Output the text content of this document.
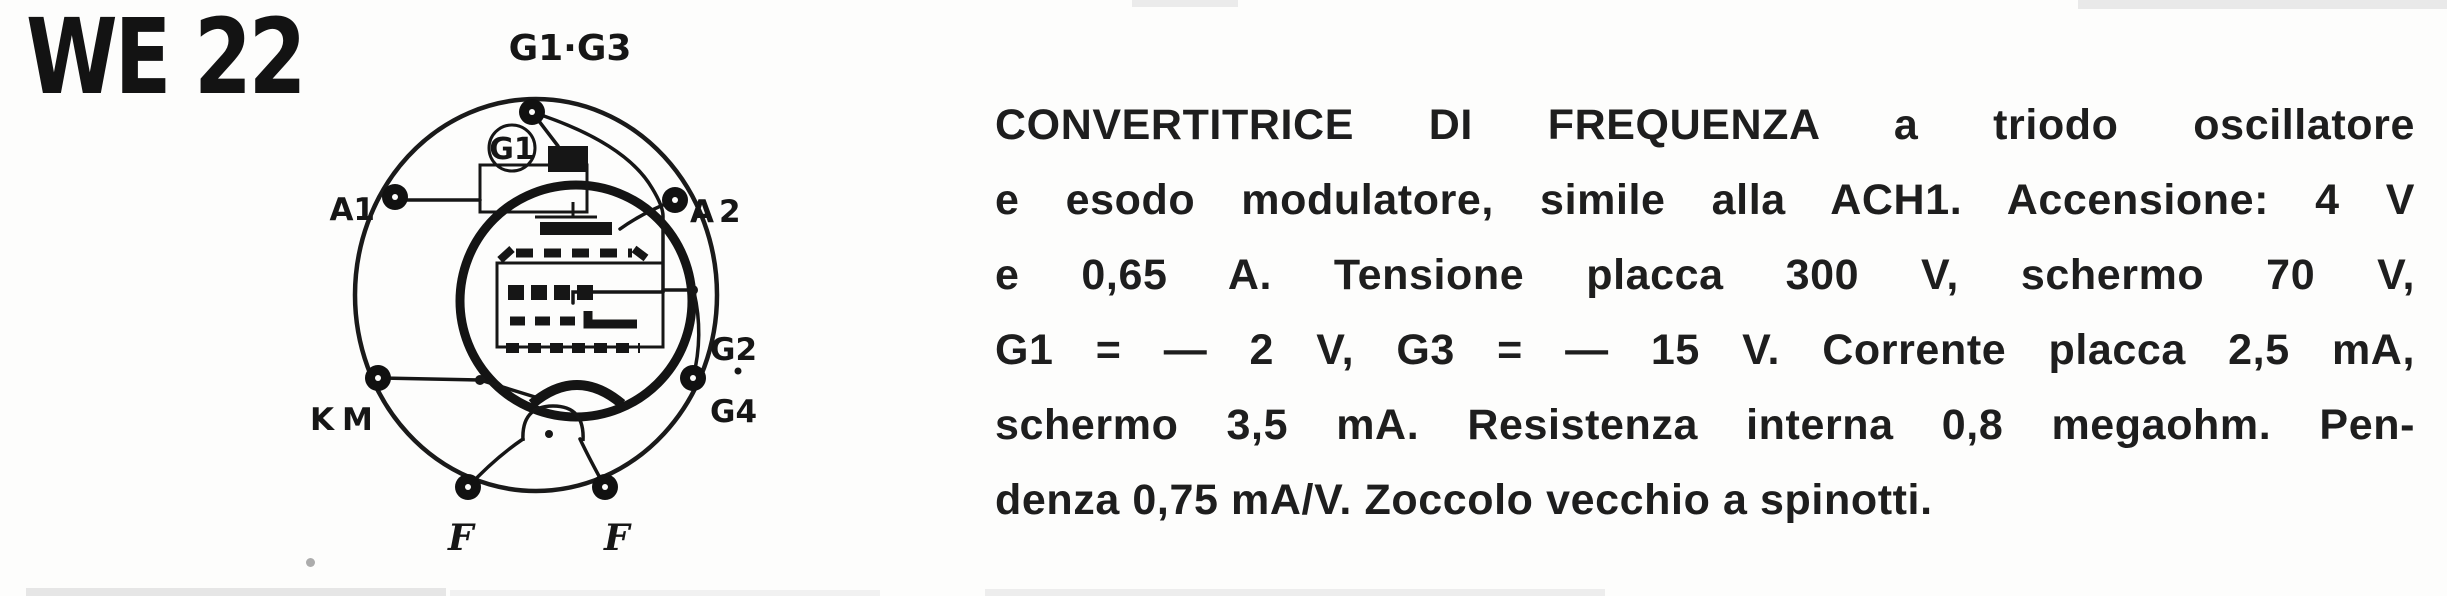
WE 22
G1
G1·G3
A1	A2
KM
G2
G4
F	F
CONVERTITRICE DI FREQUENZA a triodo oscillatore
e esodo modulatore, simile alla ACH1. Accensione: 4 V
e 0,65 A. Tensione placca 300 V, schermo 70 V,
G1 = — 2 V, G3 = — 15 V. Corrente placca 2,5 mA,
schermo 3,5 mA. Resistenza interna 0,8 megaohm. Pen-
denza 0,75 mA/V. Zoccolo vecchio a spinotti.
